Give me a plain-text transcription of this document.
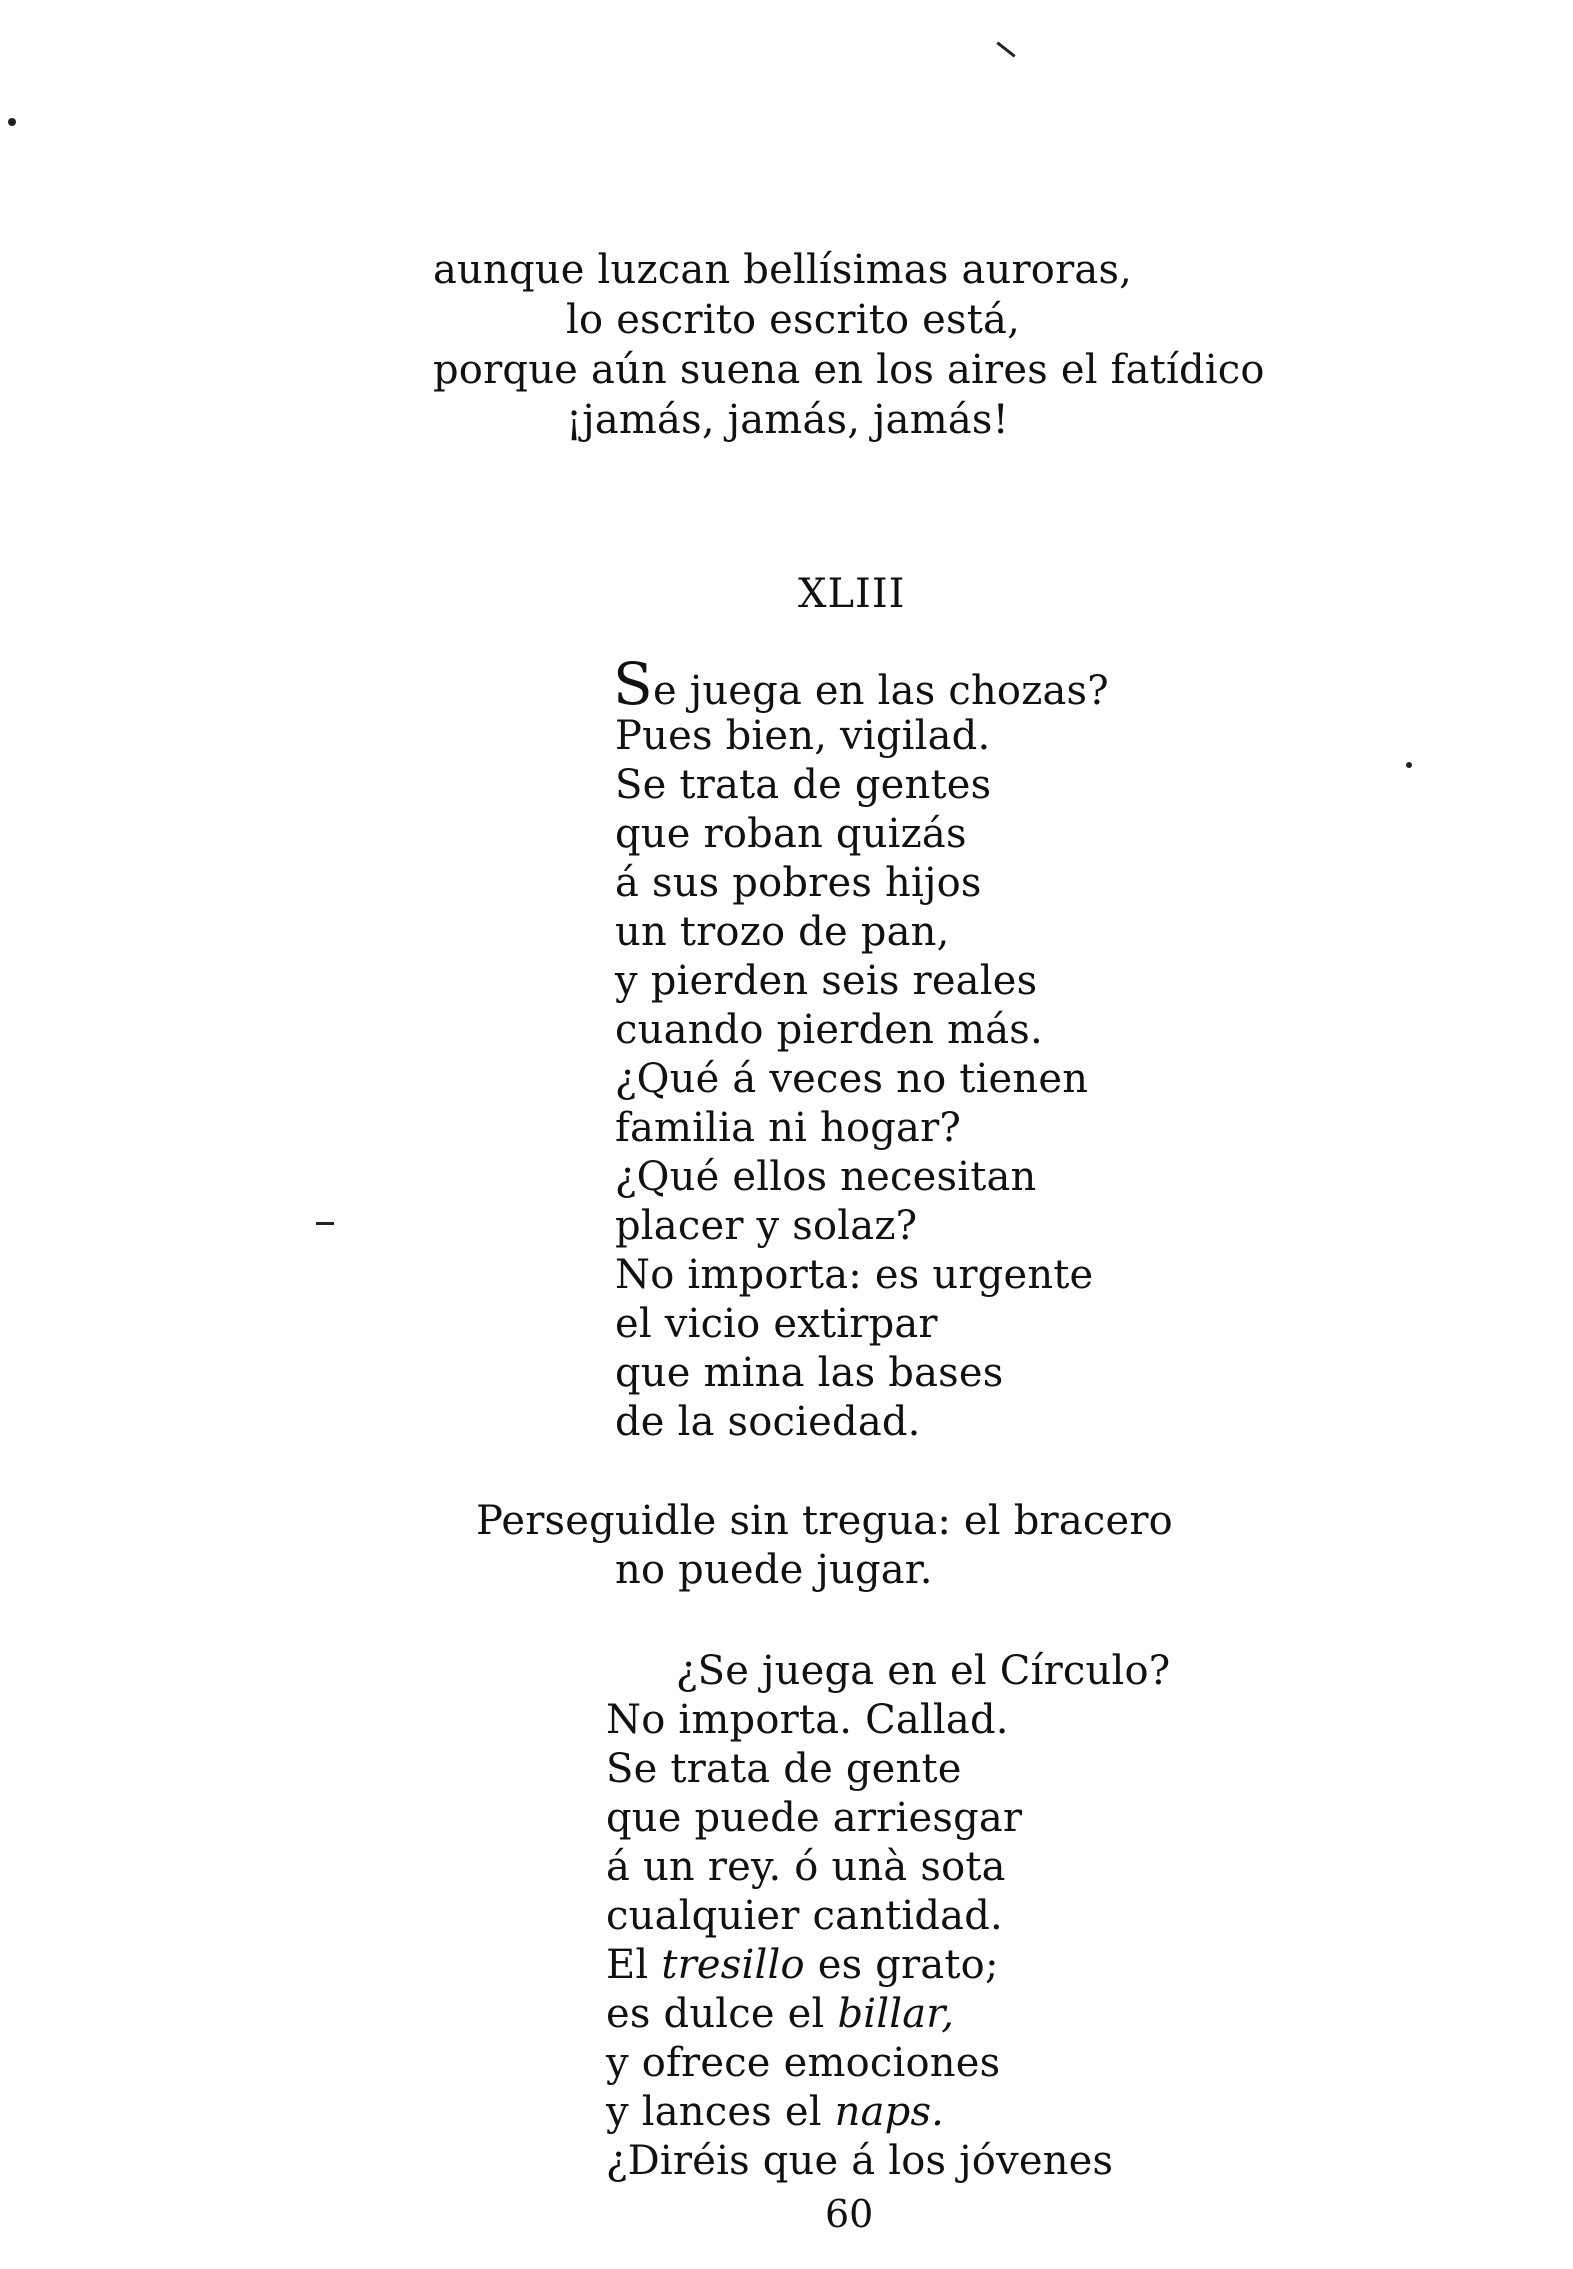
aunque luzcan bellísimas auroras,
lo escrito escrito está,
porque aún suena en los aires el fatídico
¡jamás, jamás, jamás!
XLIII
Se juega en las chozas?
Pues bien, vigilad.
Se trata de gentes
que roban quizás
á sus pobres hijos
un trozo de pan,
y pierden seis reales
cuando pierden más.
¿Qué á veces no tienen
familia ni hogar?
¿Qué ellos necesitan
placer y solaz?
No importa: es urgente
el vicio extirpar
que mina las bases
de la sociedad.
Perseguidle sin tregua: el bracero
no puede jugar.
¿Se juega en el Círculo?
No importa. Callad.
Se trata de gente
que puede arriesgar
á un rey. ó unà sota
cualquier cantidad.
El tresillo es grato;
es dulce el billar,
y ofrece emociones
y lances el naps.
¿Diréis que á los jóvenes
60
